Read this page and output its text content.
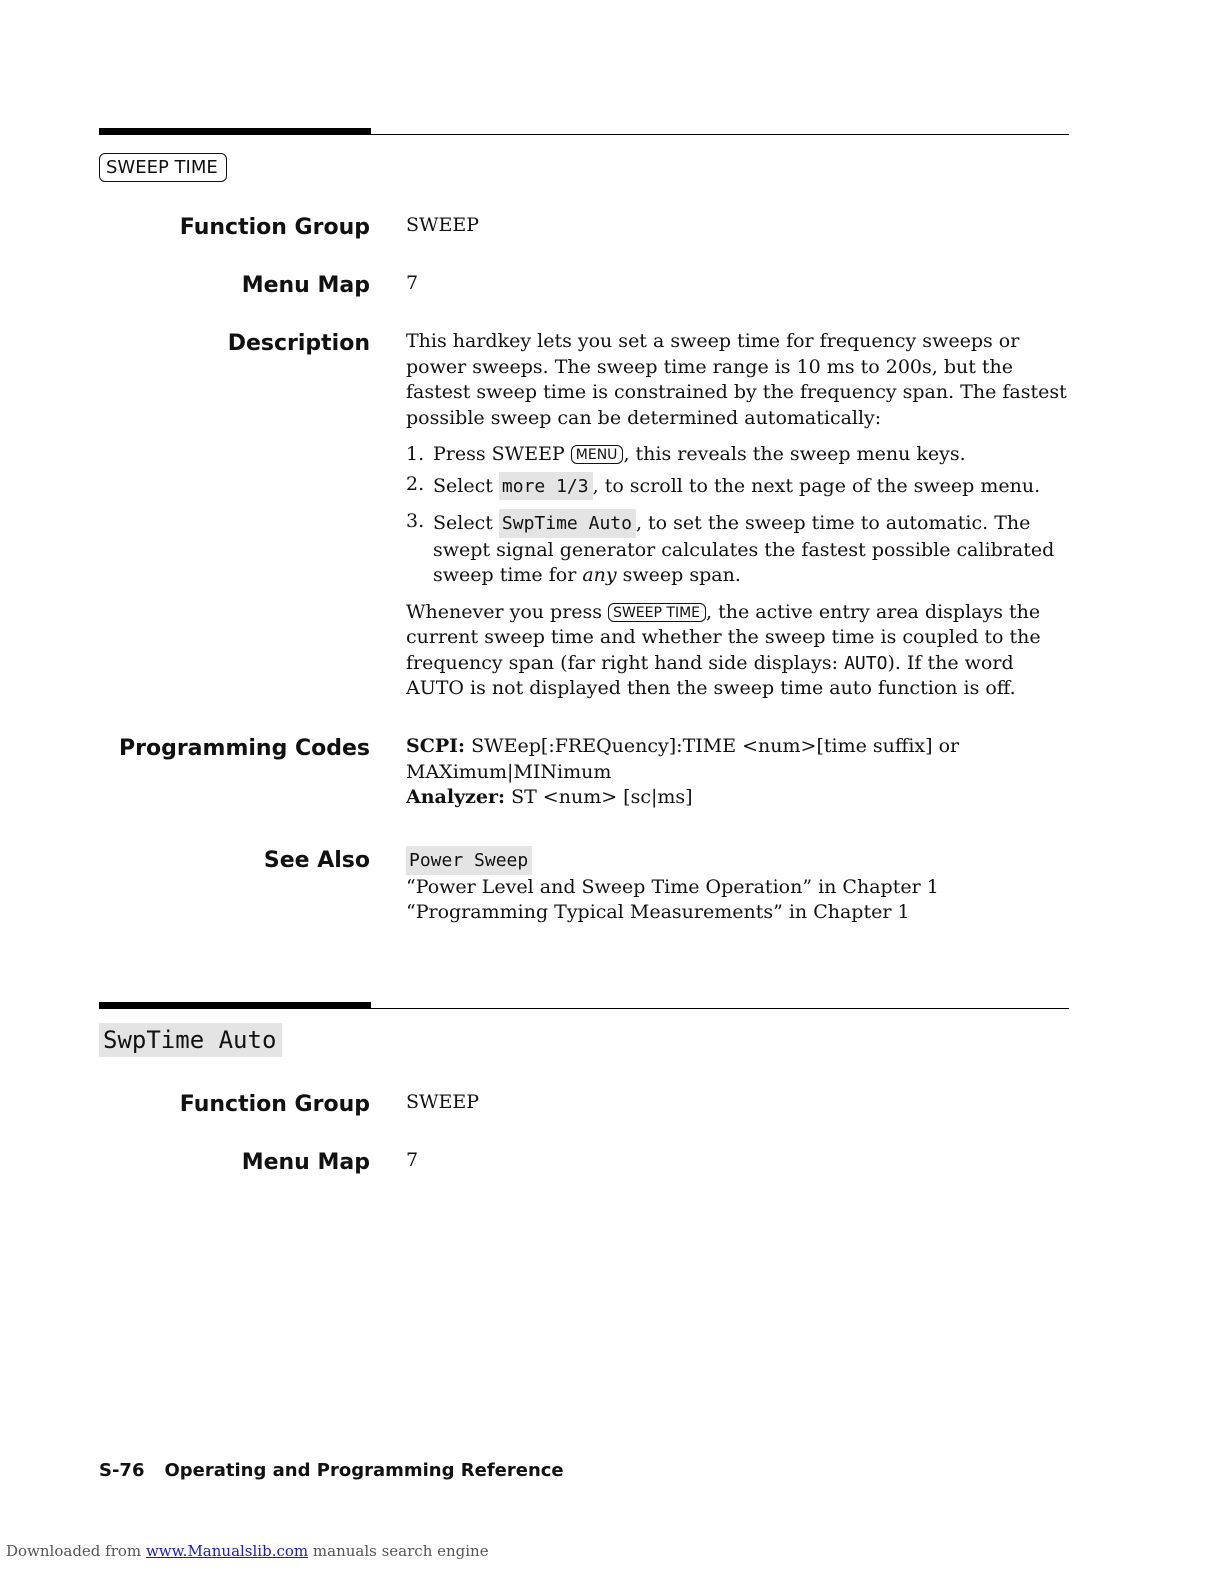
SWEEP TIME
Function Group SWEEP
Menu Map 7
Description This hardkey lets you set a sweep time for frequency sweeps or power sweeps. The sweep time range is 10 ms to 200s, but the fastest sweep time is constrained by the frequency span. The fastest possible sweep can be determined automatically:

1. Press SWEEP MENU , this reveals the sweep menu keys.
2. Select more 1/3 , to scroll to the next page of the sweep menu.
3. Select SwpTime Auto , to set the sweep time to automatic. The swept signal generator calculates the fastest possible calibrated sweep time for any sweep span.

Whenever you press SWEEP TIME , the active entry area displays the current sweep time and whether the sweep time is coupled to the frequency span (far right hand side displays: AUTO). If the word AUTO is not displayed then the sweep time auto function is off.

Programming Codes SCPI: SWEep[:FREQuency]:TIME <num>[time suffix] or MAXimum|MINimum

Analyzer: ST <num> [sc|ms]

See Also Power Sweep

“Power Level and Sweep Time Operation” in Chapter 1

“Programming Typical Measurements” in Chapter 1

SwpTime Auto
Function Group SWEEP
Menu Map 7
S-76 Operating and Programming Reference
Downloaded from www.Manualslib.com manuals search engine
